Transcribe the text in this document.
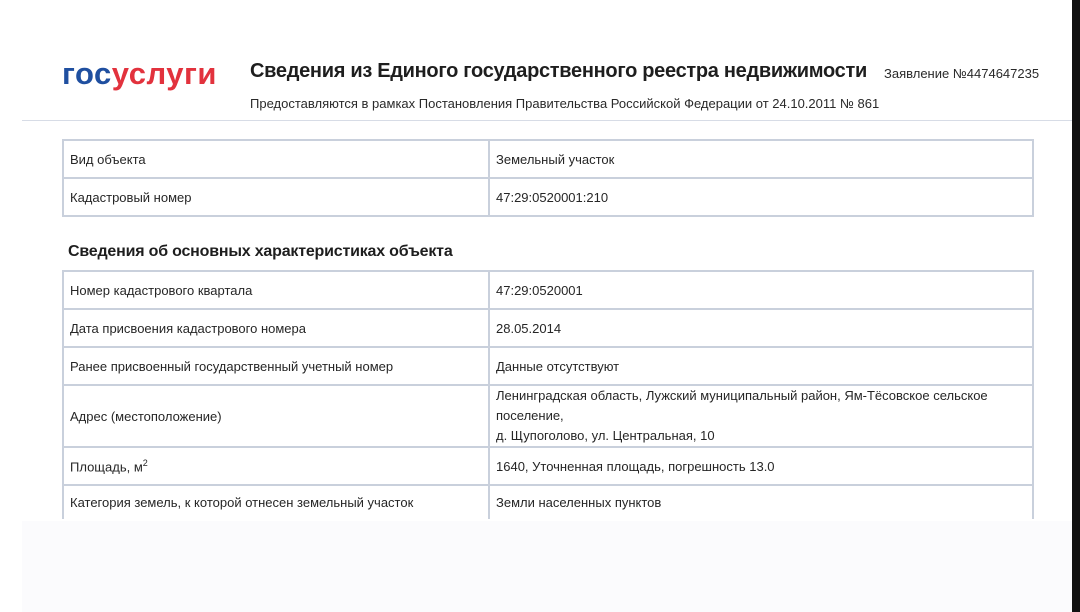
госуслуги Сведения из Единого государственного реестра недвижимости
Предоставляются в рамках Постановления Правительства Российской Федерации от 24.10.2011 № 861
Заявление №4474647235
Вид объекта	Земельный участок
Кадастровый номер	47:29:0520001:210
Сведения об основных характеристиках объекта
Номер кадастрового квартала	47:29:0520001
Дата присвоения кадастрового номера	28.05.2014
Ранее присвоенный государственный учетный номер	Данные отсутствуют
Адрес (местоположение)	Ленинградская область, Лужский муниципальный район, Ям-Тёсовское сельское поселение,
д. Щупоголово, ул. Центральная, 10

Площадь, $м^2$	1640, Уточненная площадь, погрешность 13.0
Категория земель, к которой отнесен земельный участок	Земли населенных пунктов
